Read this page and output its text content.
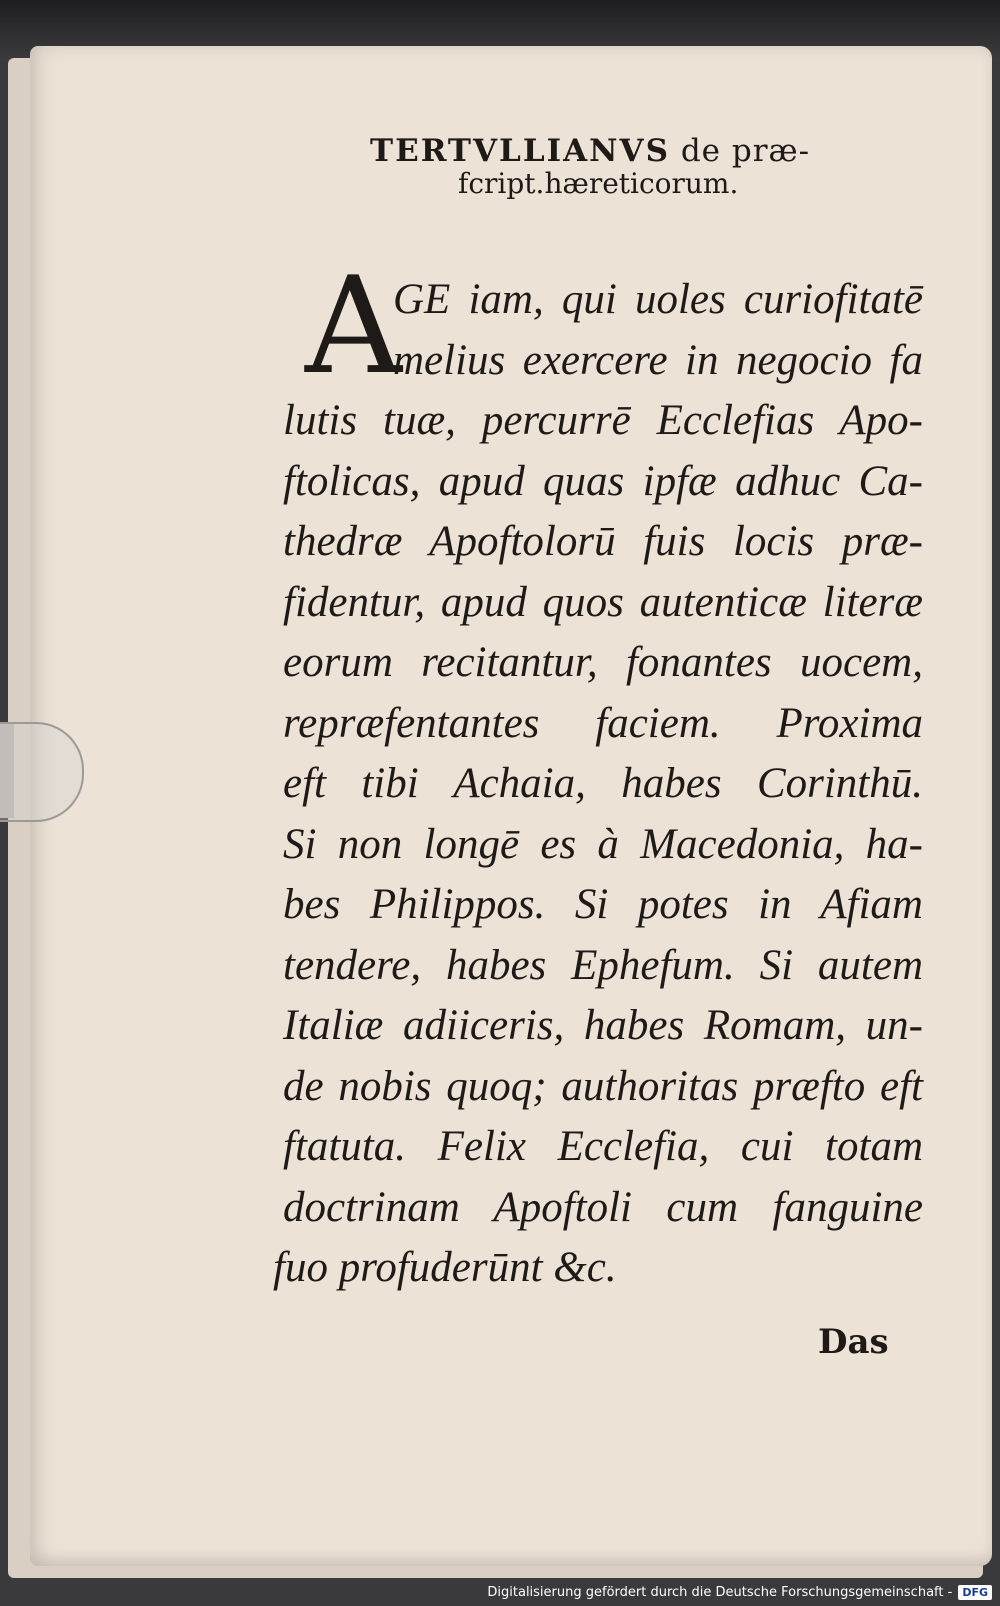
TERTVLLIANVS de præ-
fcript.hæreticorum.
A
GE iam, qui uoles curiofitatē
melius exercere in negocio fa
lutis tuæ, percurrē Ecclefias Apo-
ftolicas, apud quas ipfæ adhuc Ca-
thedræ Apoftolorū fuis locis præ-
fidentur, apud quos autenticæ literæ
eorum recitantur, fonantes uocem,
repræfentantes faciem. Proxima
eft tibi Achaia, habes Corinthū.
Si non longē es à Macedonia, ha-
bes Philippos. Si potes in Afiam
tendere, habes Ephefum. Si autem
Italiæ adiiceris, habes Romam, un-
de nobis quoq; authoritas præfto eft
ftatuta. Felix Ecclefia, cui totam
doctrinam Apoftoli cum fanguine
fuo profuderūnt &c.
Das
Digitalisierung gefördert durch die Deutsche Forschungsgemeinschaft - DFG
